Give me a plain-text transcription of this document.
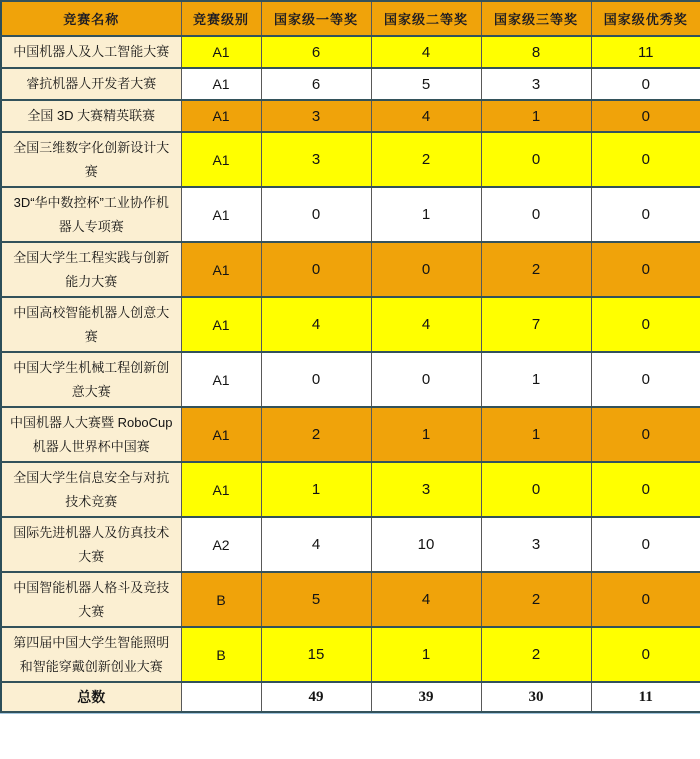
竞赛名称	竞赛级别	国家级一等奖	国家级二等奖	国家级三等奖	国家级优秀奖
中国机器人及人工智能大赛	A1	6	4	8	11
睿抗机器人开发者大赛	A1	6	5	3	0
全国 3D 大赛精英联赛	A1	3	4	1	0
全国三维数字化创新设计大赛	A1	3	2	0	0
3D“华中数控杯”工业协作机器人专项赛	A1	0	1	0	0
全国大学生工程实践与创新能力大赛	A1	0	0	2	0
中国高校智能机器人创意大赛	A1	4	4	7	0
中国大学生机械工程创新创意大赛	A1	0	0	1	0
中国机器人大赛暨 RoboCup 机器人世界杯中国赛	A1	2	1	1	0
全国大学生信息安全与对抗技术竞赛	A1	1	3	0	0
国际先进机器人及仿真技术大赛	A2	4	10	3	0
中国智能机器人格斗及竞技大赛	B	5	4	2	0
第四届中国大学生智能照明和智能穿戴创新创业大赛	B	15	1	2	0
总数		49	39	30	11
